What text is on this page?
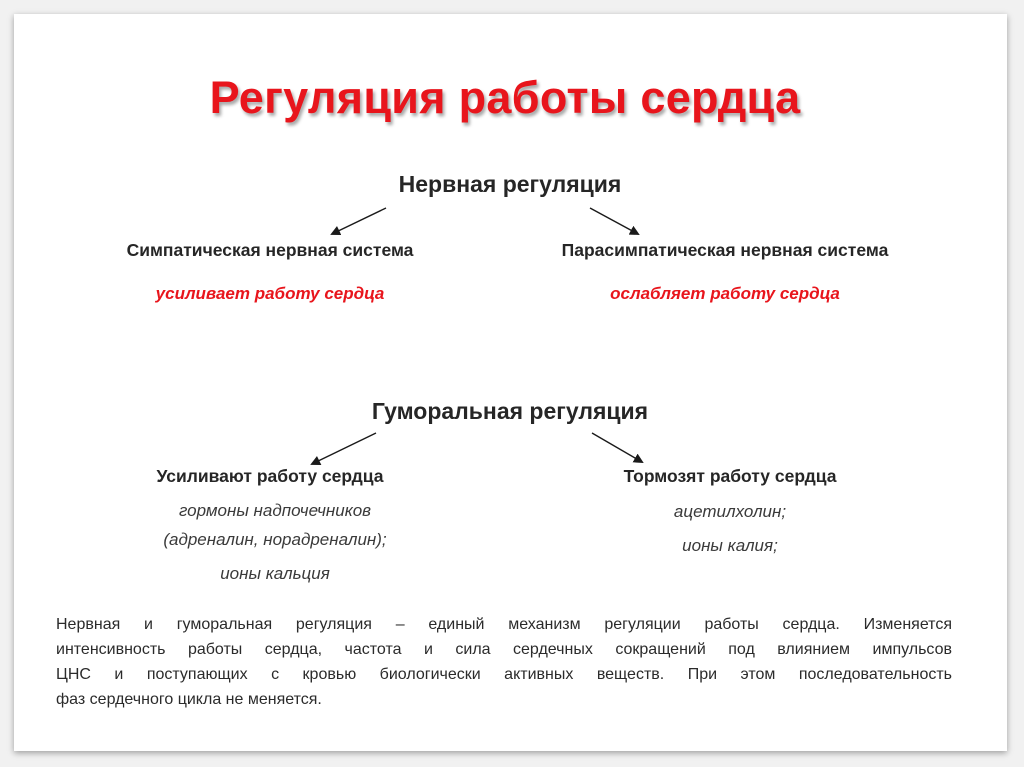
Регуляция работы сердца
Нервная регуляция
Симпатическая нервная система	Парасимпатическая нервная система
усиливает работу сердца	ослабляет работу сердца
Гуморальная регуляция
Усиливают работу сердца	Тормозят работу сердца
гормоны надпочечников
(адреналин, норадреналин);
ионы кальция
ацетилхолин;
ионы калия;
Нервная и гуморальная регуляция – единый механизм регуляции работы сердца. Изменяется
интенсивность работы сердца, частота и сила сердечных сокращений под влиянием импульсов
ЦНС и поступающих с кровью биологически активных веществ. При этом последовательность
фаз сердечного цикла не меняется.
